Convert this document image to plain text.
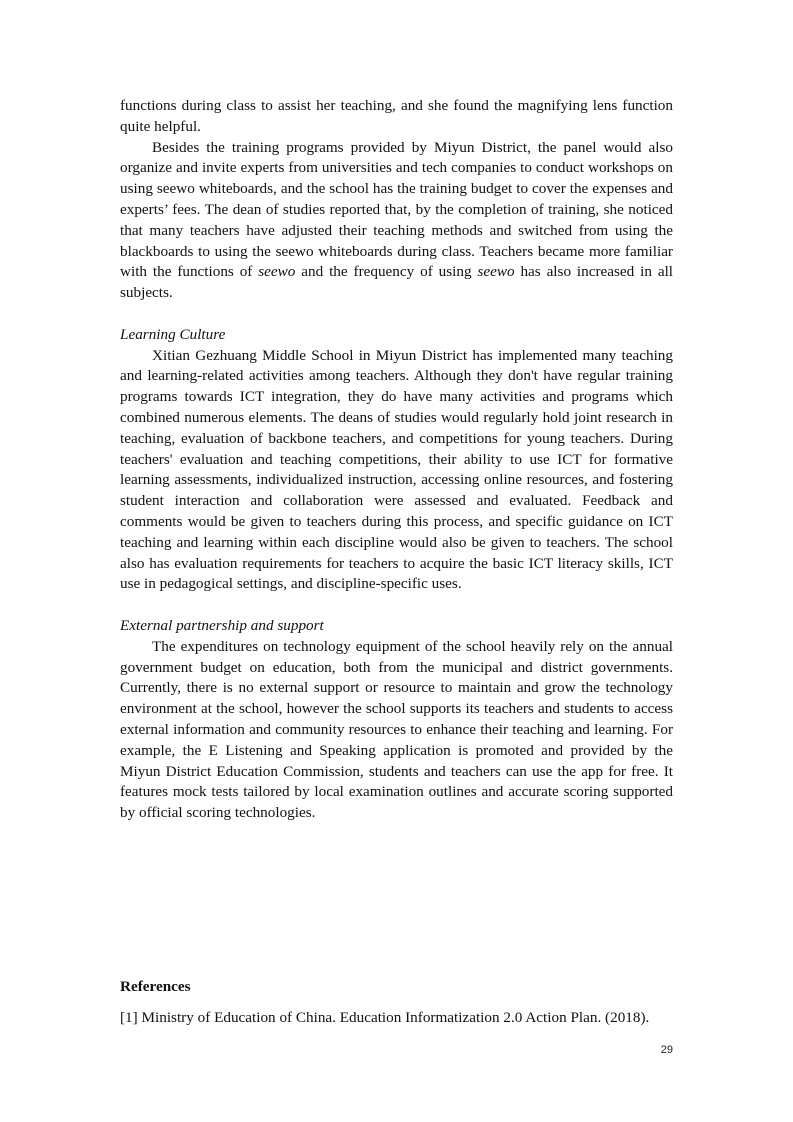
functions during class to assist her teaching, and she found the magnifying lens function quite helpful.

Besides the training programs provided by Miyun District, the panel would also organize and invite experts from universities and tech companies to conduct workshops on using seewo whiteboards, and the school has the training budget to cover the expenses and experts’ fees. The dean of studies reported that, by the completion of training, she noticed that many teachers have adjusted their teaching methods and switched from using the blackboards to using the seewo whiteboards during class. Teachers became more familiar with the functions of seewo and the frequency of using seewo has also increased in all subjects.

Learning Culture

Xitian Gezhuang Middle School in Miyun District has implemented many teaching and learning-related activities among teachers. Although they don't have regular training programs towards ICT integration, they do have many activities and programs which combined numerous elements. The deans of studies would regularly hold joint research in teaching, evaluation of backbone teachers, and competitions for young teachers. During teachers' evaluation and teaching competitions, their ability to use ICT for formative learning assessments, individualized instruction, accessing online resources, and fostering student interaction and collaboration were assessed and evaluated. Feedback and comments would be given to teachers during this process, and specific guidance on ICT teaching and learning within each discipline would also be given to teachers. The school also has evaluation requirements for teachers to acquire the basic ICT literacy skills, ICT use in pedagogical settings, and discipline-specific uses.

External partnership and support

The expenditures on technology equipment of the school heavily rely on the annual government budget on education, both from the municipal and district governments. Currently, there is no external support or resource to maintain and grow the technology environment at the school, however the school supports its teachers and students to access external information and community resources to enhance their teaching and learning. For example, the E Listening and Speaking application is promoted and provided by the Miyun District Education Commission, students and teachers can use the app for free. It features mock tests tailored by local examination outlines and accurate scoring supported by official scoring technologies.

References

[1] Ministry of Education of China. Education Informatization 2.0 Action Plan. (2018).
29
